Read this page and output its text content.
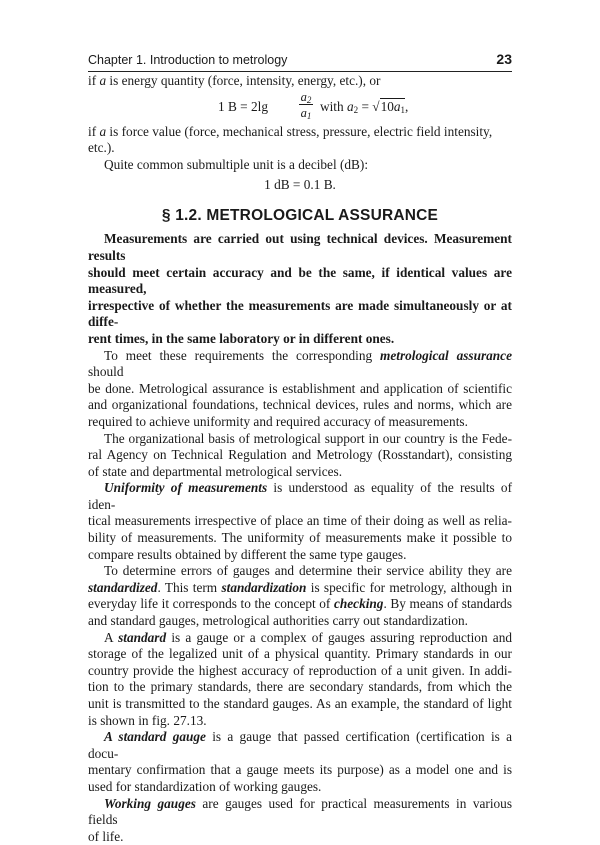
Chapter 1. Introduction to metrology	23

if a is energy quantity (force, intensity, energy, etc.), or

1 B = 2lg
$a_2$
$a_1$
with $a_2 = √10a_1$,

if a is force value (force, mechanical stress, pressure, electric field intensity, etc.).

Quite common submultiple unit is a decibel (dB):

1 dB = 0.1 B.
§ 1.2. METROLOGICAL ASSURANCE

Measurements are carried out using technical devices. Measurement results
should meet certain accuracy and be the same, if identical values are measured,
irrespective of whether the measurements are made simultaneously or at diffe-
rent times, in the same laboratory or in different ones.

To meet these requirements the corresponding metrological assurance should
be done. Metrological assurance is establishment and application of scientific
and organizational foundations, technical devices, rules and norms, which are
required to achieve uniformity and required accuracy of measurements.

The organizational basis of metrological support in our country is the Fede-
ral Agency on Technical Regulation and Metrology (Rosstandart), consisting
of state and departmental metrological services.

Uniformity of measurements is understood as equality of the results of iden-
tical measurements irrespective of place an time of their doing as well as relia-
bility of measurements. The uniformity of measurements make it possible to
compare results obtained by different the same type gauges.

To determine errors of gauges and determine their service ability they are
standardized. This term standardization is specific for metrology, although in
everyday life it corresponds to the concept of checking. By means of standards
and standard gauges, metrological authorities carry out standardization.

A standard is a gauge or a complex of gauges assuring reproduction and
storage of the legalized unit of a physical quantity. Primary standards in our
country provide the highest accuracy of reproduction of a unit given. In addi-
tion to the primary standards, there are secondary standards, from which the
unit is transmitted to the standard gauges. As an example, the standard of light
is shown in fig. 27.13.

A standard gauge is a gauge that passed certification (certification is a docu-
mentary confirmation that a gauge meets its purpose) as a model one and is
used for standardization of working gauges.

Working gauges are gauges used for practical measurements in various fields
of life.
